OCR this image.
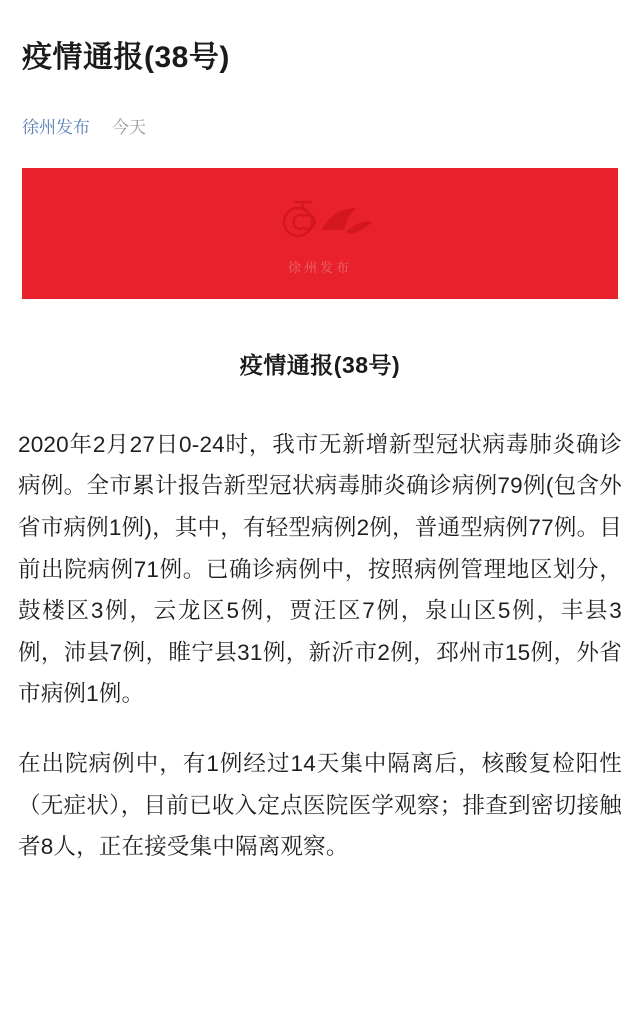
疫情通报(38号)
徐州发布 今天
徐州发布
疫情通报(38号)

2020年2月27日0-24时，我市无新增新型冠状病毒肺炎确诊病例。全市累计报告新型冠状病毒肺炎确诊病例79例(包含外省市病例1例)，其中，有轻型病例2例，普通型病例77例。目前出院病例71例。已确诊病例中，按照病例管理地区划分，鼓楼区3例，云龙区5例，贾汪区7例，泉山区5例，丰县3例，沛县7例，睢宁县31例，新沂市2例，邳州市15例，外省市病例1例。

在出院病例中，有1例经过14天集中隔离后，核酸复检阳性（无症状），目前已收入定点医院医学观察；排查到密切接触者8人，正在接受集中隔离观察。
